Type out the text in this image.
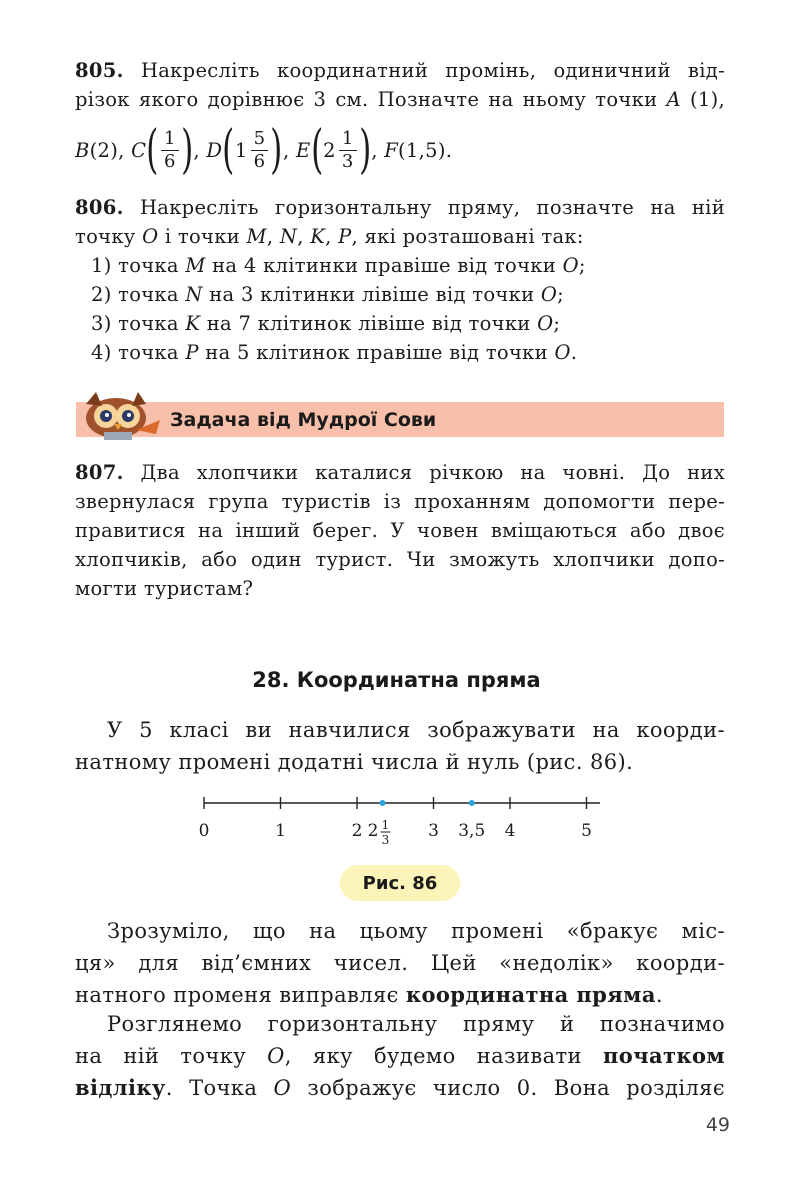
805. Накресліть координатний промінь, одиничний від-
різок якого дорівнює 3 см. Позначте на ньому точки A (1),
B (2),
C ( $\frac{1}{6}$ ) , D ( $1 \frac{5}{6}$ ) , E ( $2 \frac{1}{3}$ ) , F (1,5).
806. Накресліть горизонтальну пряму, позначте на ній
точку O і точки M, N, K, P, які розташовані так:
1) точка M на 4 клітинки правіше від точки O;
2) точка N на 3 клітинки лівіше від точки O;
3) точка K на 7 клітинок лівіше від точки O;
4) точка P на 5 клітинок правіше від точки O.
Задача від Мудрої Сови
807. Два хлопчики каталися річкою на човні. До них
звернулася група туристів із проханням допомогти пере-
правитися на інший берег. У човен вміщаються або двоє
хлопчиків, або один турист. Чи зможуть хлопчики допо-
могти туристам?
28. Координатна пряма
У 5 класі ви навчилися зображувати на коорди-
натному промені додатні числа й нуль (рис. 86).
0	1	2	3	4	5
2 1
3	3,5
Рис. 86
Зрозуміло, що на цьому промені «бракує міс-
ця» для від’ємних чисел. Цей «недолік» коорди-
натного променя виправляє координатна пряма.
Розглянемо горизонтальну пряму й позначимо
на ній точку O, яку будемо називати початком
відліку. Точка O зображує число 0. Вона розділяє
49
